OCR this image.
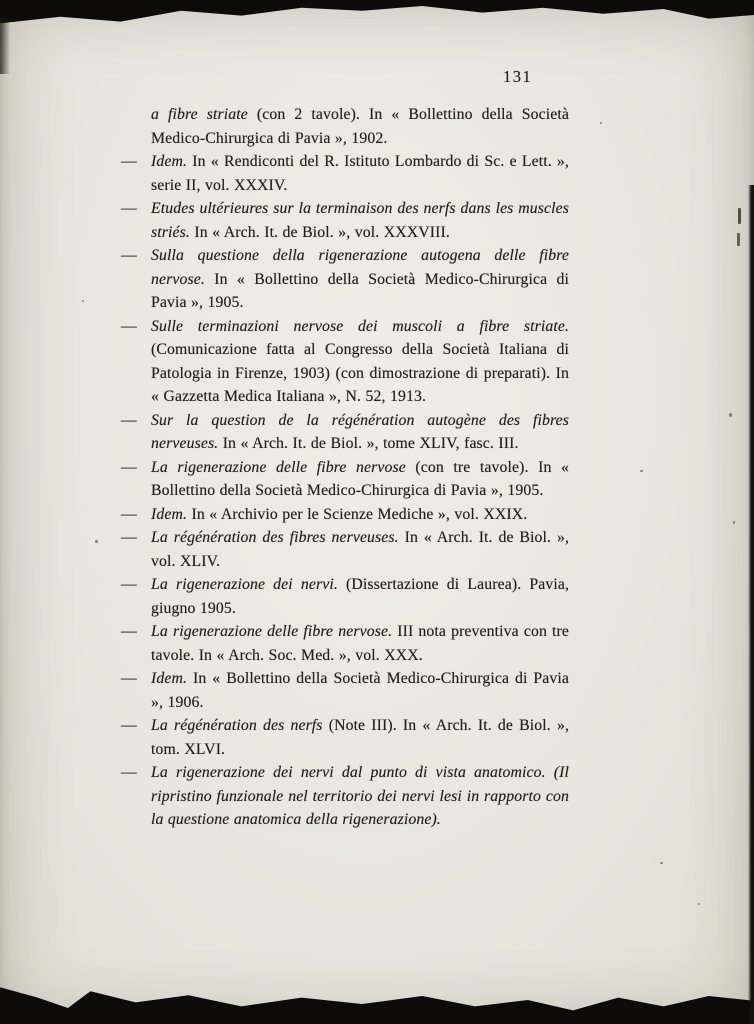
131

a fibre striate (con 2 tavole). In « Bollettino della Società Medico-Chirurgica di Pavia », 1902.

— Idem. In « Rendiconti del R. Istituto Lombardo di Sc. e Lett. », serie II, vol. XXXIV.

— Etudes ultérieures sur la terminaison des nerfs dans les muscles striés. In « Arch. It. de Biol. », vol. XXXVIII.

— Sulla questione della rigenerazione autogena delle fibre nervose. In « Bollettino della Società Medico-Chirurgica di Pavia », 1905.

— Sulle terminazioni nervose dei muscoli a fibre striate. (Comunicazione fatta al Congresso della Società Italiana di Patologia in Firenze, 1903) (con dimostrazione di preparati). In « Gazzetta Medica Italiana », N. 52, 1913.

— Sur la question de la régénération autogène des fibres nerveuses. In « Arch. It. de Biol. », tome XLIV, fasc. III.

— La rigenerazione delle fibre nervose (con tre tavole). In « Bollettino della Società Medico-Chirurgica di Pavia », 1905.

— Idem. In « Archivio per le Scienze Mediche », vol. XXIX.

— La régénération des fibres nerveuses. In « Arch. It. de Biol. », vol. XLIV.

— La rigenerazione dei nervi. (Dissertazione di Laurea). Pavia, giugno 1905.

— La rigenerazione delle fibre nervose. III nota preventiva con tre tavole. In « Arch. Soc. Med. », vol. XXX.

— Idem. In « Bollettino della Società Medico-Chirurgica di Pavia », 1906.

— La régénération des nerfs (Note III). In « Arch. It. de Biol. », tom. XLVI.

— La rigenerazione dei nervi dal punto di vista anatomico. (Il ripristino funzionale nel territorio dei nervi lesi in rapporto con la questione anatomica della rigenerazione).
